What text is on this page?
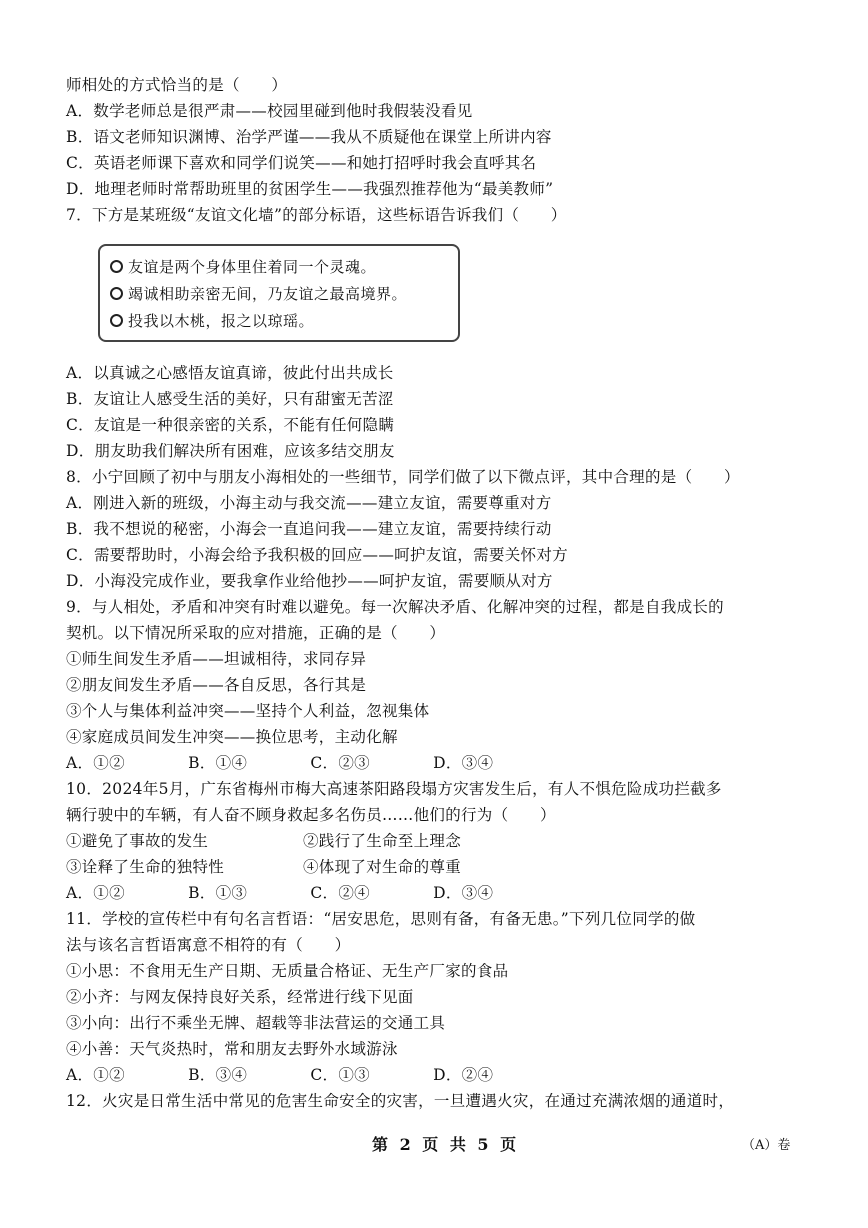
师相处的方式恰当的是（　　）
A．数学老师总是很严肃——校园里碰到他时我假装没看见
B．语文老师知识渊博、治学严谨——我从不质疑他在课堂上所讲内容
C．英语老师课下喜欢和同学们说笑——和她打招呼时我会直呼其名
D．地理老师时常帮助班里的贫困学生——我强烈推荐他为“最美教师”
7．下方是某班级“友谊文化墙”的部分标语，这些标语告诉我们（　　）
友谊是两个身体里住着同一个灵魂。
竭诚相助亲密无间，乃友谊之最高境界。
投我以木桃，报之以琼瑶。
A．以真诚之心感悟友谊真谛，彼此付出共成长
B．友谊让人感受生活的美好，只有甜蜜无苦涩
C．友谊是一种很亲密的关系，不能有任何隐瞒
D．朋友助我们解决所有困难，应该多结交朋友
8．小宁回顾了初中与朋友小海相处的一些细节，同学们做了以下微点评，其中合理的是（　　）
A．刚进入新的班级，小海主动与我交流——建立友谊，需要尊重对方
B．我不想说的秘密，小海会一直追问我——建立友谊，需要持续行动
C．需要帮助时，小海会给予我积极的回应——呵护友谊，需要关怀对方
D．小海没完成作业，要我拿作业给他抄——呵护友谊，需要顺从对方
9．与人相处，矛盾和冲突有时难以避免。每一次解决矛盾、化解冲突的过程，都是自我成长的
契机。以下情况所采取的应对措施，正确的是（　　）
①师生间发生矛盾——坦诚相待，求同存异
②朋友间发生矛盾——各自反思，各行其是
③个人与集体利益冲突——坚持个人利益，忽视集体
④家庭成员间发生冲突——换位思考，主动化解
A．①②　　　　B．①④　　　　C．②③　　　　D．③④
10．2024年5月，广东省梅州市梅大高速茶阳路段塌方灾害发生后，有人不惧危险成功拦截多
辆行驶中的车辆，有人奋不顾身救起多名伤员……他们的行为（　　）
①避免了事故的发生　　　　　　②践行了生命至上理念
③诠释了生命的独特性　　　　　④体现了对生命的尊重
A．①②　　　　B．①③　　　　C．②④　　　　D．③④
11．学校的宣传栏中有句名言哲语：“居安思危，思则有备，有备无患。”下列几位同学的做
法与该名言哲语寓意不相符的有（　　）
①小思：不食用无生产日期、无质量合格证、无生产厂家的食品
②小齐：与网友保持良好关系，经常进行线下见面
③小向：出行不乘坐无牌、超载等非法营运的交通工具
④小善：天气炎热时，常和朋友去野外水域游泳
A．①②　　　　B．③④　　　　C．①③　　　　D．②④
12．火灾是日常生活中常见的危害生命安全的灾害，一旦遭遇火灾，在通过充满浓烟的通道时，
第 2 页 共 5 页	（A）卷
